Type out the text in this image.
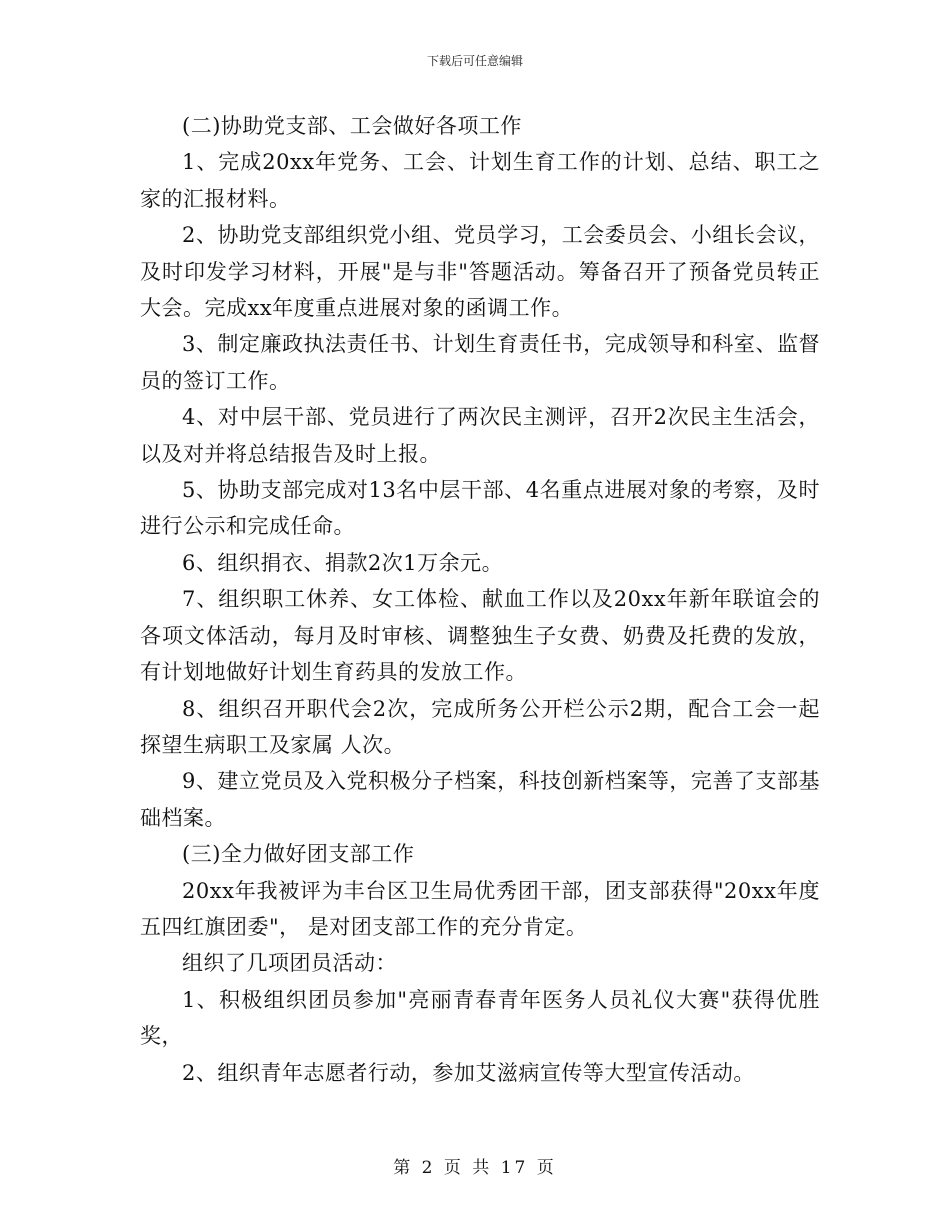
下载后可任意编辑

(二)协助党支部、工会做好各项工作

1、完成20xx年党务、工会、计划生育工作的计划、总结、职工之家的汇报材料。

2、协助党支部组织党小组、党员学习，工会委员会、小组长会议，及时印发学习材料，开展"是与非"答题活动。筹备召开了预备党员转正大会。完成xx年度重点进展对象的函调工作。

3、制定廉政执法责任书、计划生育责任书，完成领导和科室、监督员的签订工作。

4、对中层干部、党员进行了两次民主测评，召开2次民主生活会，以及对并将总结报告及时上报。

5、协助支部完成对13名中层干部、4名重点进展对象的考察，及时进行公示和完成任命。

6、组织捐衣、捐款2次1万余元。

7、组织职工休养、女工体检、献血工作以及20xx年新年联谊会的各项文体活动，每月及时审核、调整独生子女费、奶费及托费的发放，有计划地做好计划生育药具的发放工作。

8、组织召开职代会2次，完成所务公开栏公示2期，配合工会一起探望生病职工及家属 人次。

9、建立党员及入党积极分子档案，科技创新档案等，完善了支部基础档案。

(三)全力做好团支部工作

20xx年我被评为丰台区卫生局优秀团干部，团支部获得"20xx年度五四红旗团委"， 是对团支部工作的充分肯定。

组织了几项团员活动：

1、积极组织团员参加"亮丽青春青年医务人员礼仪大赛"获得优胜奖，

2、组织青年志愿者行动，参加艾滋病宣传等大型宣传活动。

第 2 页 共 17 页
